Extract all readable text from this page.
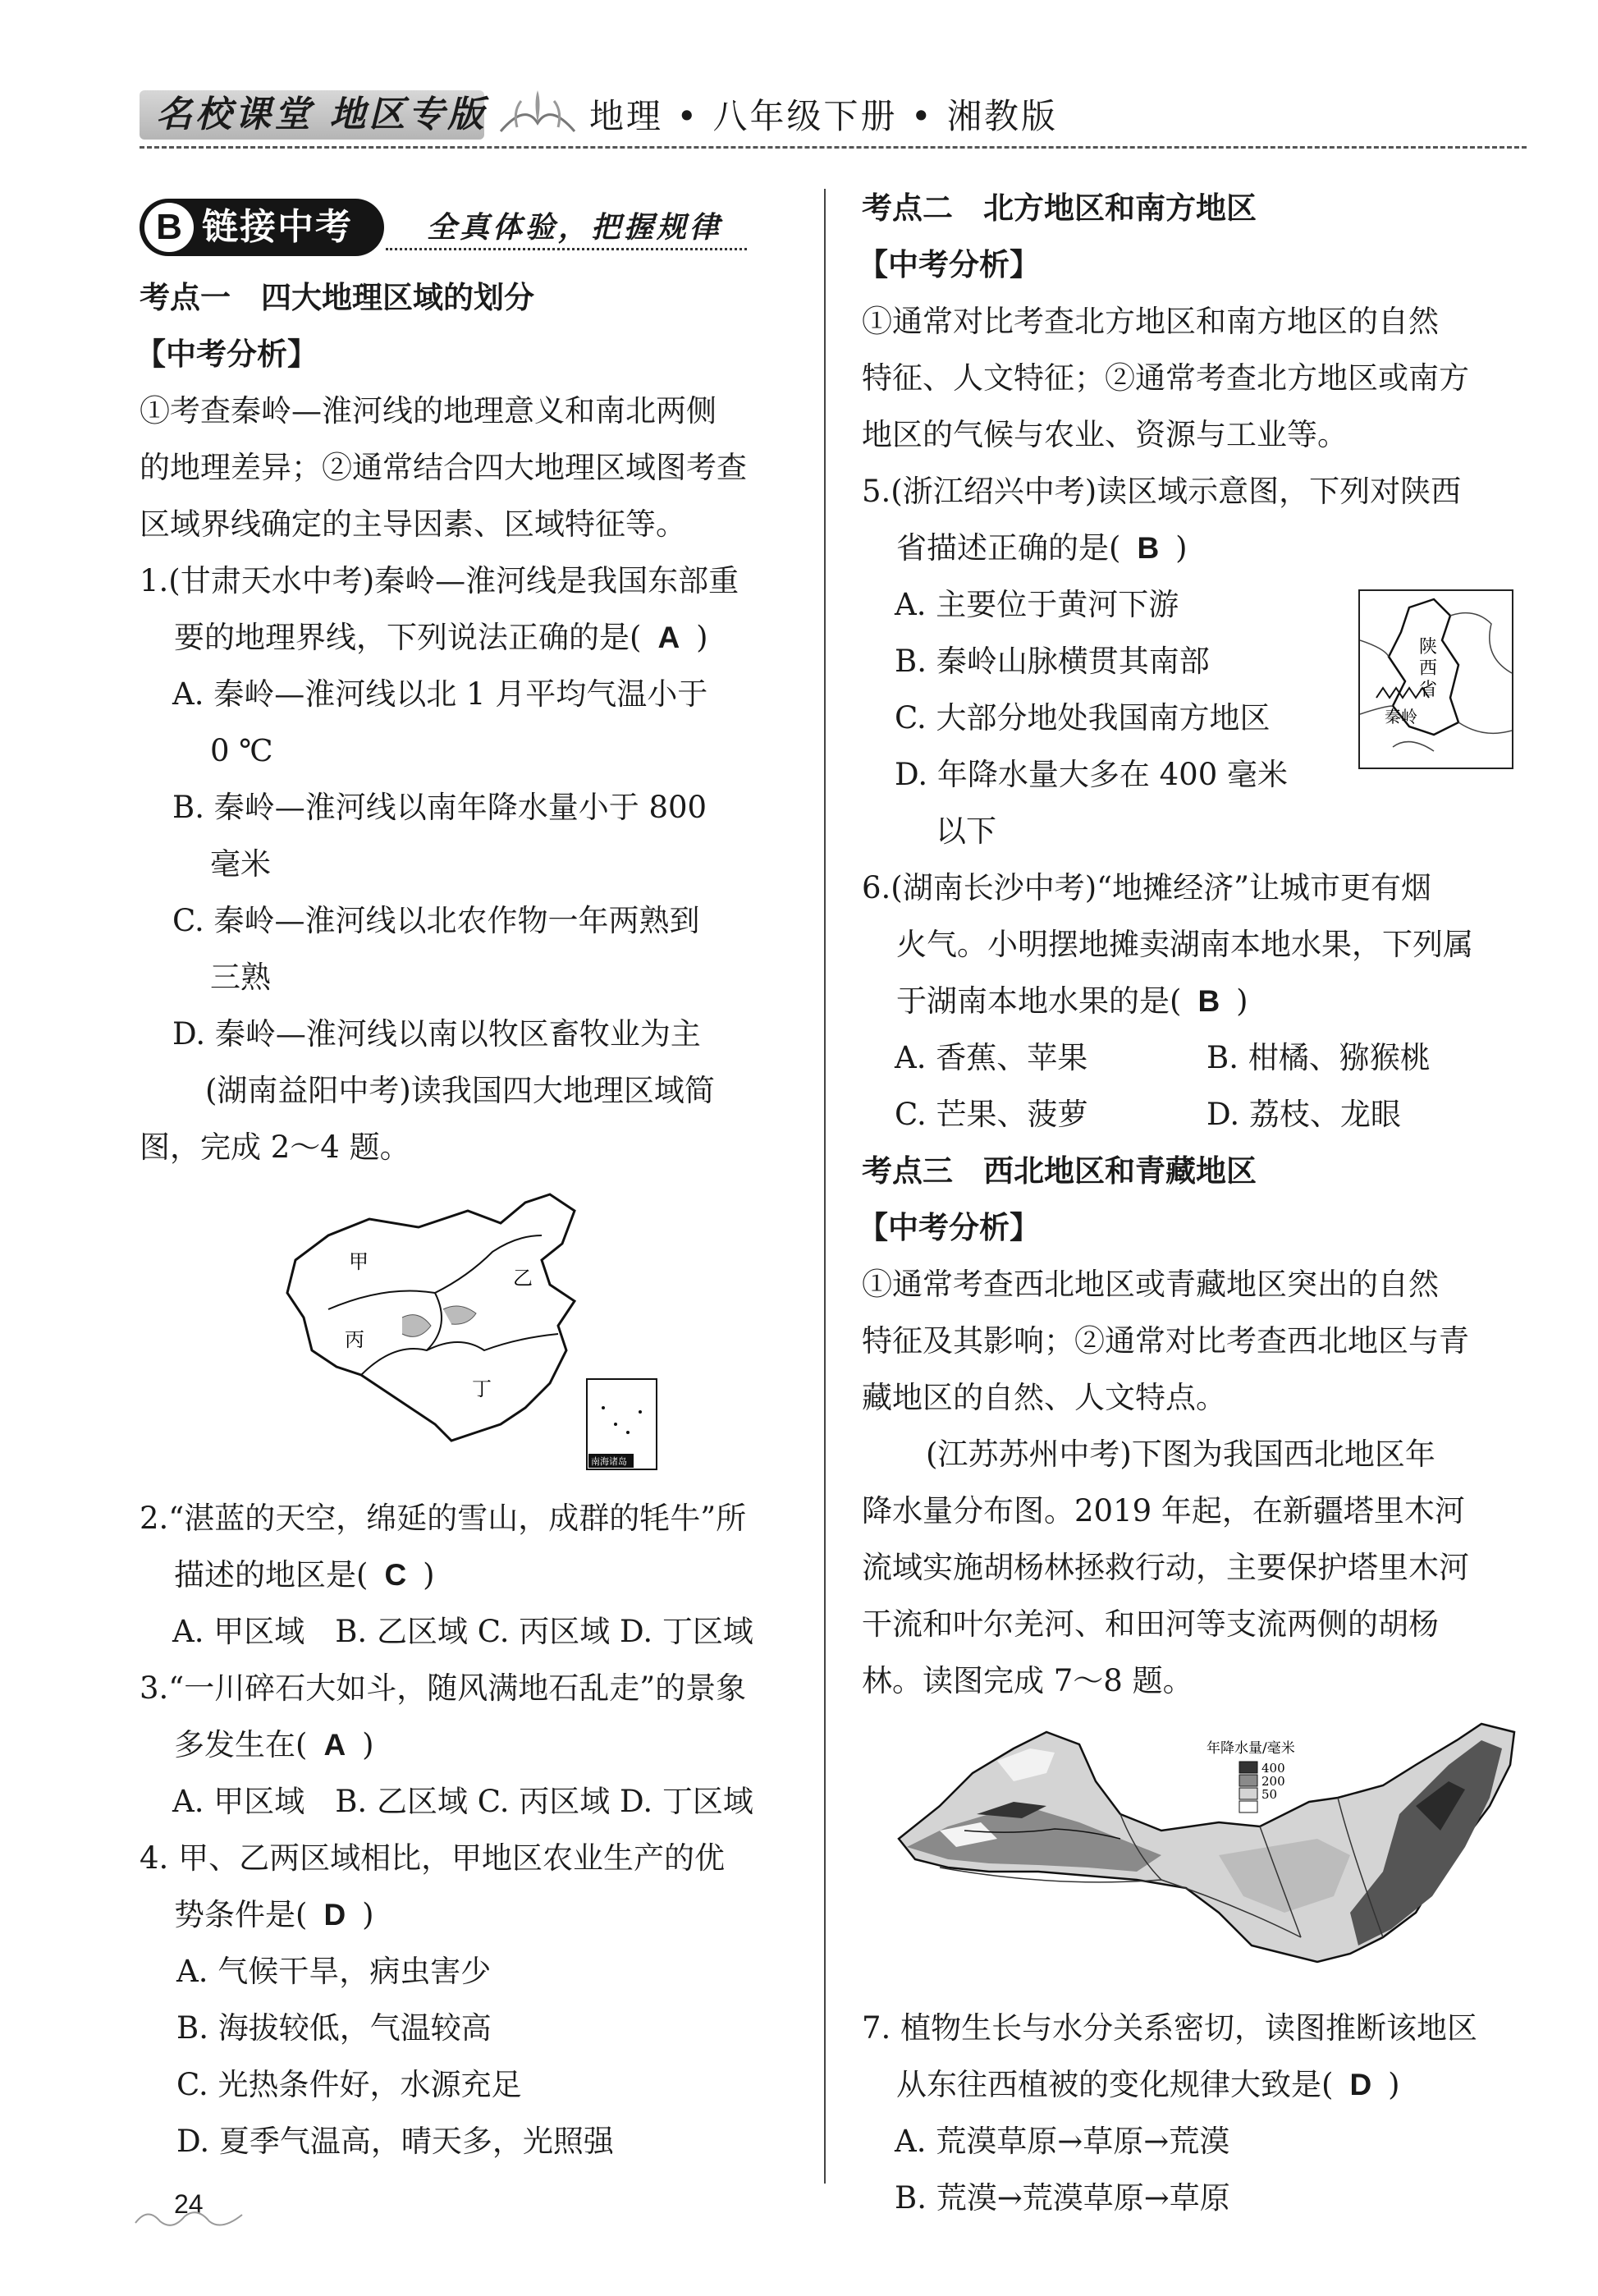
名校课堂 地区专版	地理 • 八年级下册 • 湘教版
B 链接中考	全真体验，把握规律
考点一　四大地理区域的划分
【中考分析】
①考查秦岭—淮河线的地理意义和南北两侧
的地理差异；②通常结合四大地理区域图考查
区域界线确定的主导因素、区域特征等。
1.(甘肃天水中考)秦岭—淮河线是我国东部重
要的地理界线，下列说法正确的是( A )
A. 秦岭—淮河线以北 1 月平均气温小于
0 ℃
B. 秦岭—淮河线以南年降水量小于 800
毫米
C. 秦岭—淮河线以北农作物一年两熟到
三熟
D. 秦岭—淮河线以南以牧区畜牧业为主
(湖南益阳中考)读我国四大地理区域简
图，完成 2～4 题。
甲
乙
丙
丁
南海诸岛
2.“湛蓝的天空，绵延的雪山，成群的牦牛”所
描述的地区是( C )
A. 甲区域　B. 乙区域 C. 丙区域 D. 丁区域
3.“一川碎石大如斗，随风满地石乱走”的景象
多发生在( A )
A. 甲区域　B. 乙区域 C. 丙区域 D. 丁区域
4. 甲、乙两区域相比，甲地区农业生产的优
势条件是( D )
A. 气候干旱，病虫害少
B. 海拔较低，气温较高
C. 光热条件好，水源充足
D. 夏季气温高，晴天多，光照强
24
考点二　北方地区和南方地区
【中考分析】
①通常对比考查北方地区和南方地区的自然
特征、人文特征；②通常考查北方地区或南方
地区的气候与农业、资源与工业等。
5.(浙江绍兴中考)读区域示意图，下列对陕西
省描述正确的是( B )
A. 主要位于黄河下游
B. 秦岭山脉横贯其南部
C. 大部分地处我国南方地区
D. 年降水量大多在 400 毫米
以下
陕西省
秦岭
6.(湖南长沙中考)“地摊经济”让城市更有烟
火气。小明摆地摊卖湖南本地水果，下列属
于湖南本地水果的是( B )
A. 香蕉、苹果	B. 柑橘、猕猴桃
C. 芒果、菠萝	D. 荔枝、龙眼
考点三　西北地区和青藏地区
【中考分析】
①通常考查西北地区或青藏地区突出的自然
特征及其影响；②通常对比考查西北地区与青
藏地区的自然、人文特点。
(江苏苏州中考)下图为我国西北地区年
降水量分布图。2019 年起，在新疆塔里木河
流域实施胡杨林拯救行动，主要保护塔里木河
干流和叶尔羌河、和田河等支流两侧的胡杨
林。读图完成 7～8 题。
年降水量/毫米
400
200
50
7. 植物生长与水分关系密切，读图推断该地区
从东往西植被的变化规律大致是( D )
A. 荒漠草原→草原→荒漠
B. 荒漠→荒漠草原→草原
